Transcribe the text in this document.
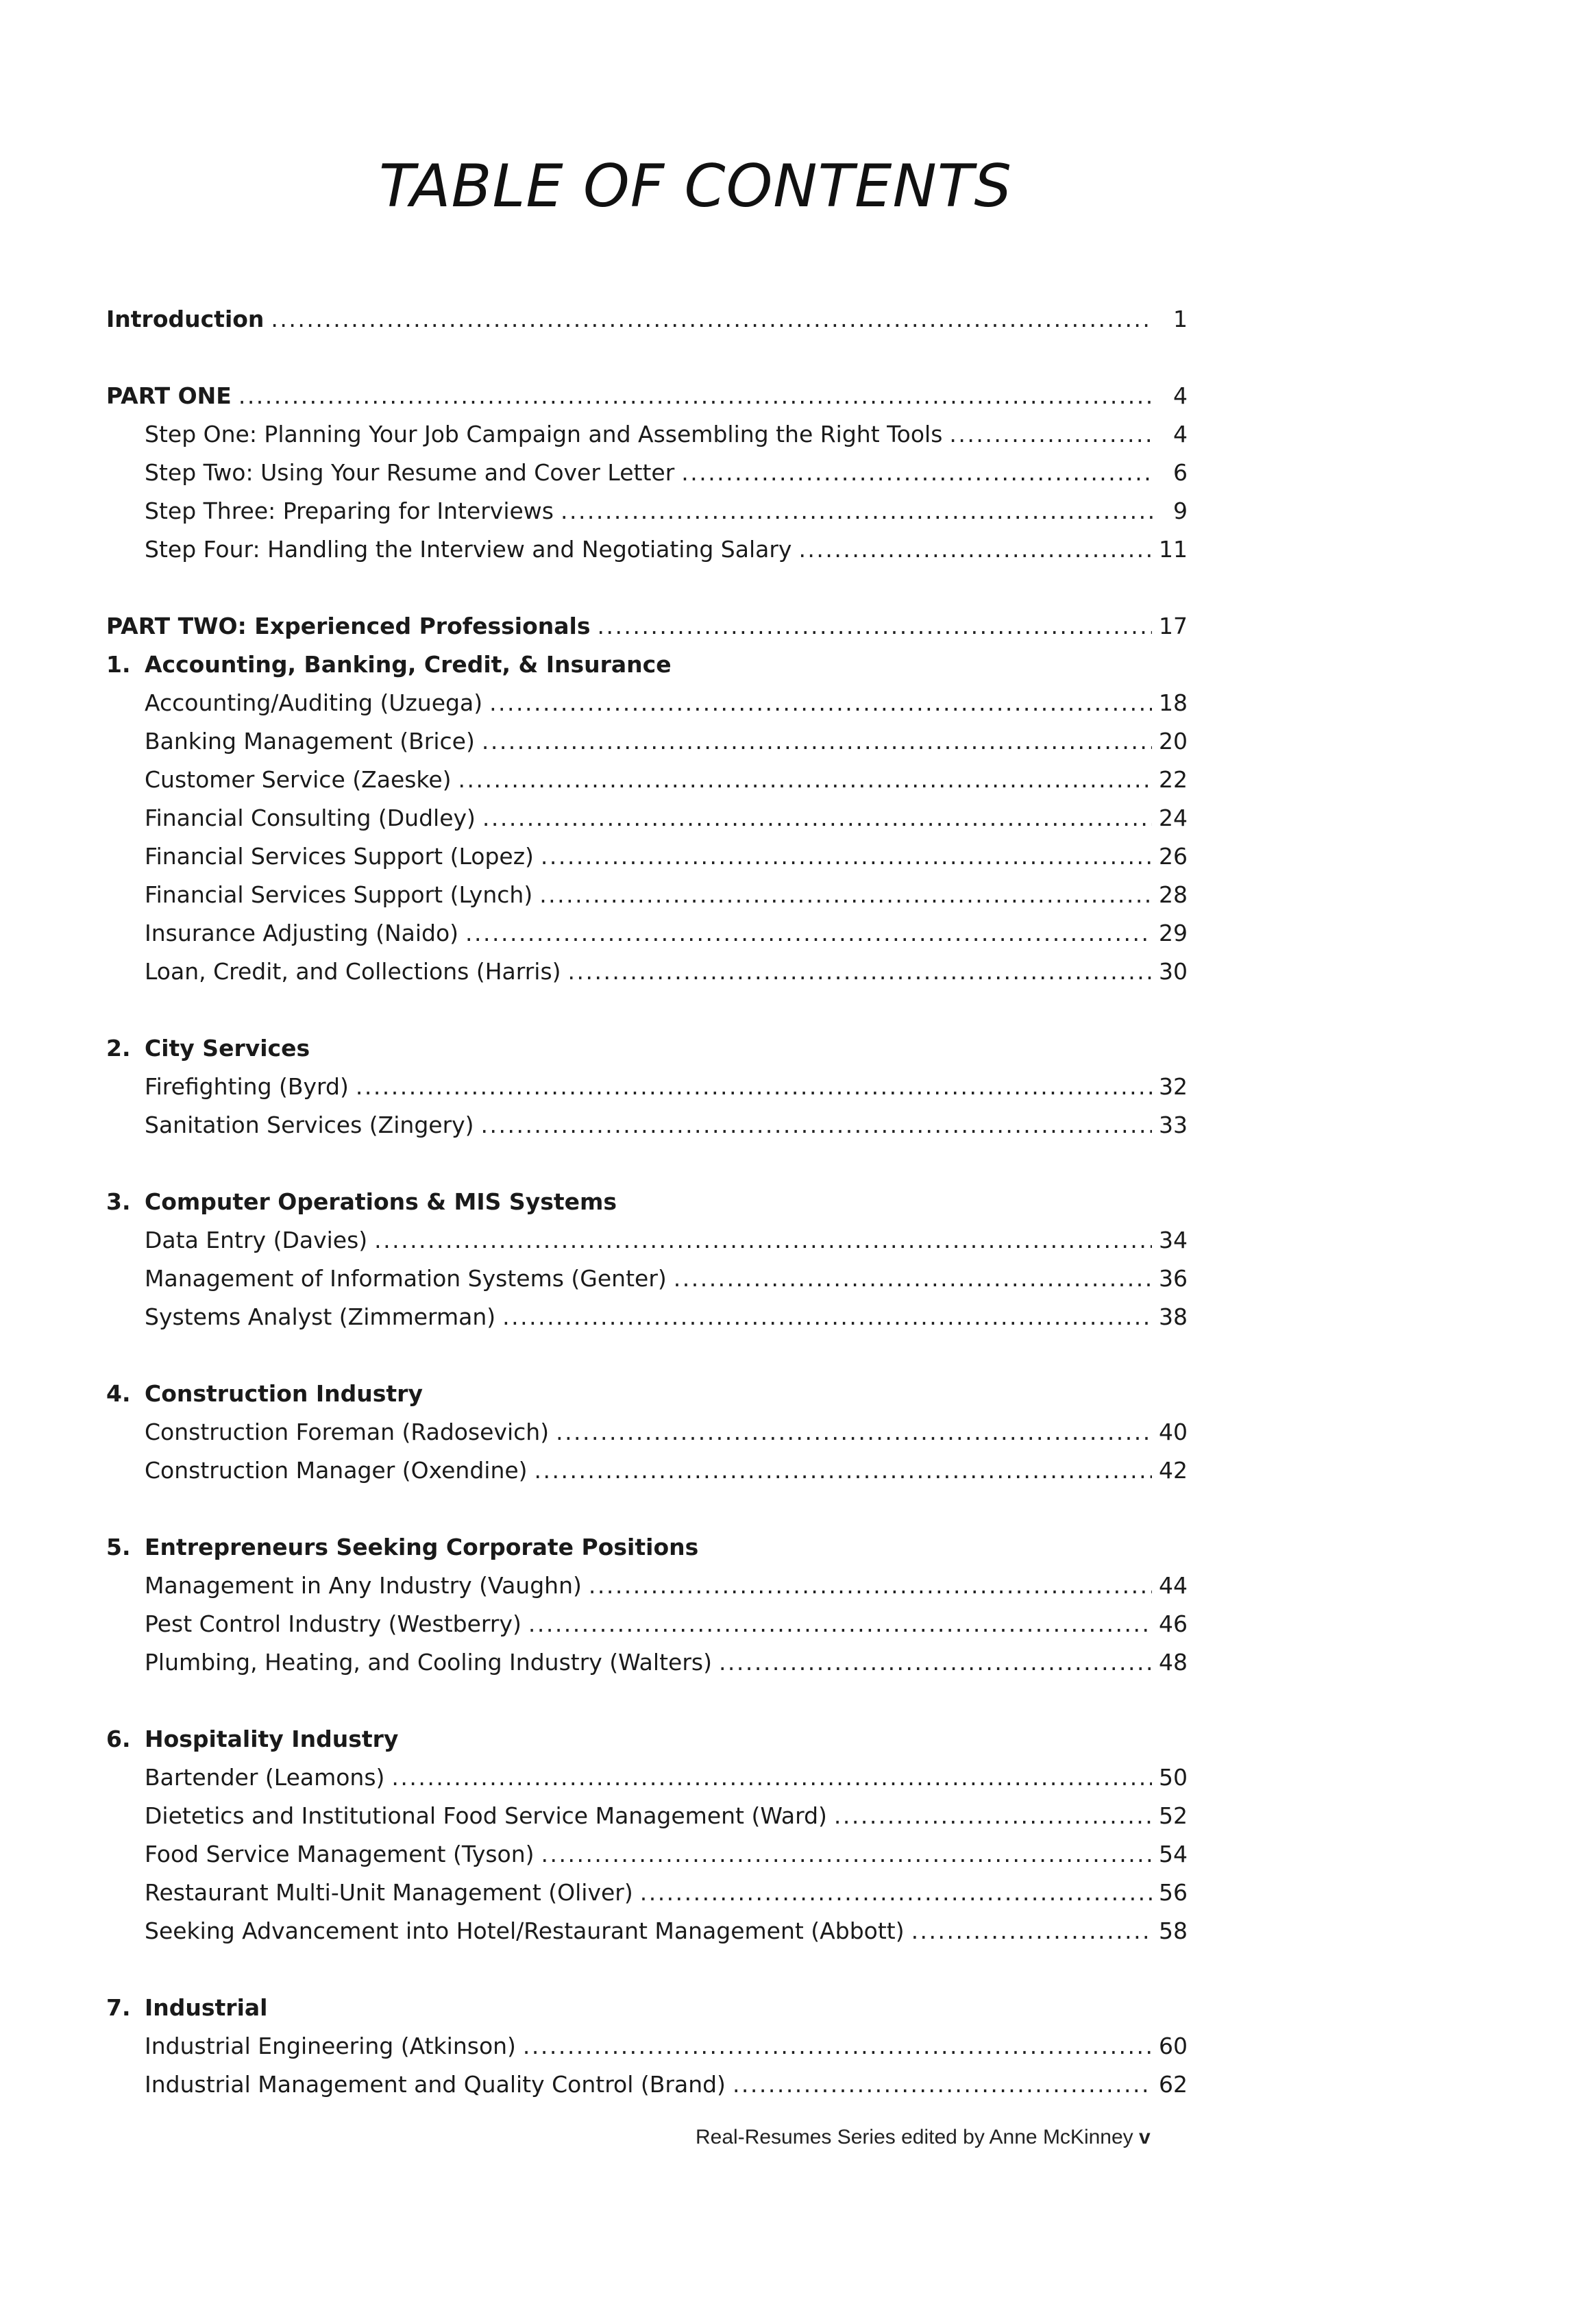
TABLE OF CONTENTS
Introduction . . .	1
PART ONE . . .	4
Step One: Planning Your Job Campaign and Assembling the Right Tools . . .	4
Step Two: Using Your Resume and Cover Letter . . .	6
Step Three: Preparing for Interviews . . .	9
Step Four: Handling the Interview and Negotiating Salary . . .	11
PART TWO: Experienced Professionals . . .	17
1. Accounting, Banking, Credit, & Insurance
Accounting/Auditing (Uzuega) . . .	18
Banking Management (Brice) . . .	20
Customer Service (Zaeske) . . .	22
Financial Consulting (Dudley) . . .	24
Financial Services Support (Lopez) . . .	26
Financial Services Support (Lynch) . . .	28
Insurance Adjusting (Naido) . . .	29
Loan, Credit, and Collections (Harris) . . .	30
2. City Services
Firefighting (Byrd) . . .	32
Sanitation Services (Zingery) . . .	33
3. Computer Operations & MIS Systems
Data Entry (Davies) . . .	34
Management of Information Systems (Genter) . . .	36
Systems Analyst (Zimmerman) . . .	38
4. Construction Industry
Construction Foreman (Radosevich) . . .	40
Construction Manager (Oxendine) . . .	42
5. Entrepreneurs Seeking Corporate Positions
Management in Any Industry (Vaughn) . . .	44
Pest Control Industry (Westberry) . . .	46
Plumbing, Heating, and Cooling Industry (Walters) . . .	48
6. Hospitality Industry
Bartender (Leamons) . . .	50
Dietetics and Institutional Food Service Management (Ward) . . .	52
Food Service Management (Tyson) . . .	54
Restaurant Multi-Unit Management (Oliver) . . .	56
Seeking Advancement into Hotel/Restaurant Management (Abbott) . . .	58
7. Industrial
Industrial Engineering (Atkinson) . . .	60
Industrial Management and Quality Control (Brand) . . .	62
Real-Resumes Series edited by Anne McKinney v
